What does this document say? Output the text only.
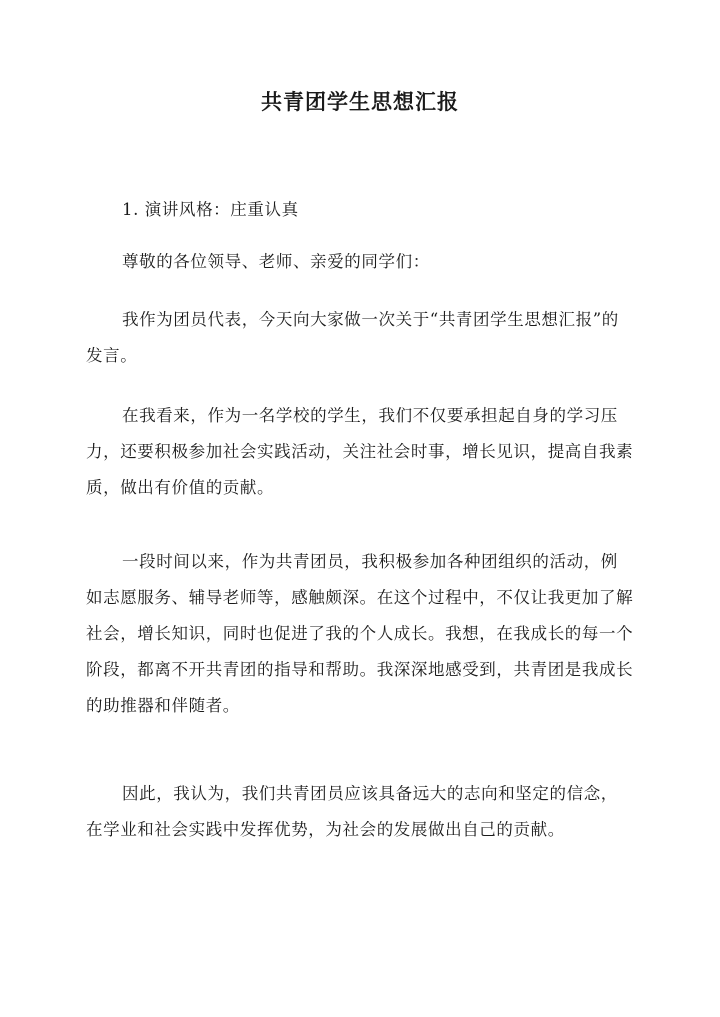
共青团学生思想汇报
1. 演讲风格：庄重认真
尊敬的各位领导、老师、亲爱的同学们：
我作为团员代表，今天向大家做一次关于“共青团学生思想汇报”的发言。
在我看来，作为一名学校的学生，我们不仅要承担起自身的学习压力，还要积极参加社会实践活动，关注社会时事，增长见识，提高自我素质，做出有价值的贡献。
一段时间以来，作为共青团员，我积极参加各种团组织的活动，例如志愿服务、辅导老师等，感触颇深。在这个过程中，不仅让我更加了解社会，增长知识，同时也促进了我的个人成长。我想，在我成长的每一个阶段，都离不开共青团的指导和帮助。我深深地感受到，共青团是我成长的助推器和伴随者。
因此，我认为，我们共青团员应该具备远大的志向和坚定的信念，在学业和社会实践中发挥优势，为社会的发展做出自己的贡献。
